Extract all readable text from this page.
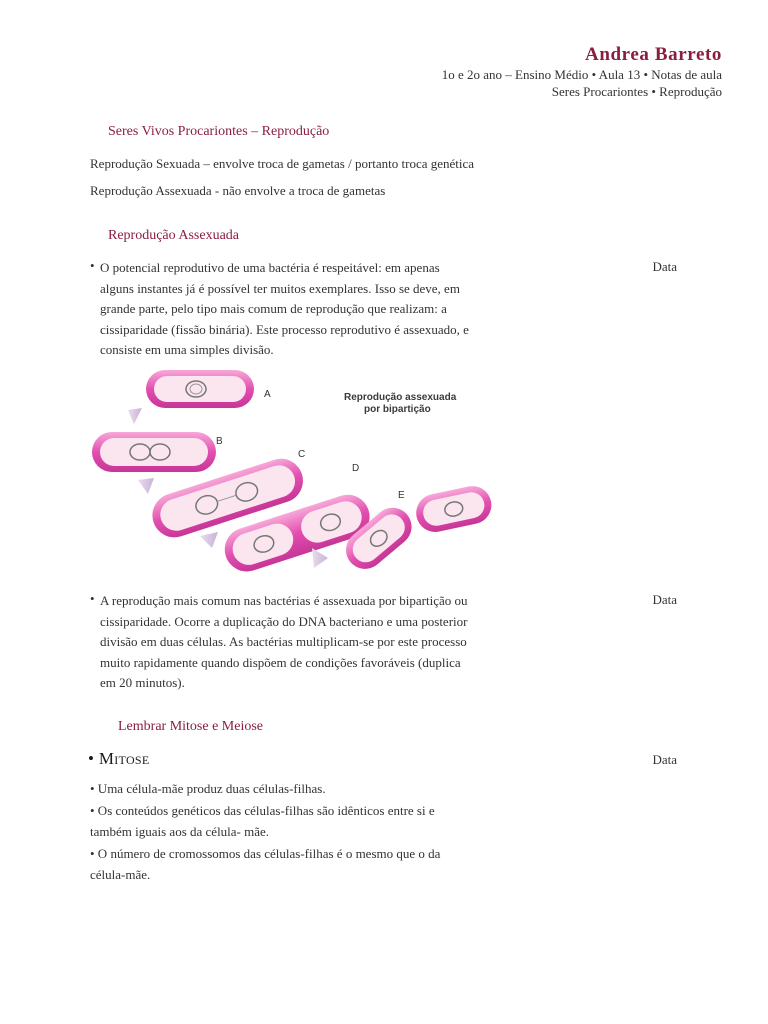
Andrea Barreto
1o e 2o ano – Ensino Médio • Aula 13 • Notas de aula
Seres Procariontes • Reprodução
Seres Vivos Procariontes – Reprodução
Reprodução Sexuada – envolve troca de gametas / portanto troca genética
Reprodução Assexuada - não envolve a troca de gametas
Reprodução Assexuada
• O potencial reprodutivo de uma bactéria é respeitável: em apenas alguns instantes já é possível ter muitos exemplares. Isso se deve, em grande parte, pelo tipo mais comum de reprodução que realizam: a cissiparidade (fissão binária). Este processo reprodutivo é assexuado, e consiste em uma simples divisão.
Data
A
B
C
D
E
Reprodução assexuada
por bipartição
• A reprodução mais comum nas bactérias é assexuada por bipartição ou cissiparidade. Ocorre a duplicação do DNA bacteriano e uma posterior divisão em duas células. As bactérias multiplicam-se por este processo muito rapidamente quando dispõem de condições favoráveis (duplica em 20 minutos).
Data
Lembrar Mitose e Meiose
• Mitose	Data
• Uma célula-mãe produz duas células-filhas.
• Os conteúdos genéticos das células-filhas são idênticos entre si e também iguais aos da célula- mãe.
• O número de cromossomos das células-filhas é o mesmo que o da célula-mãe.
